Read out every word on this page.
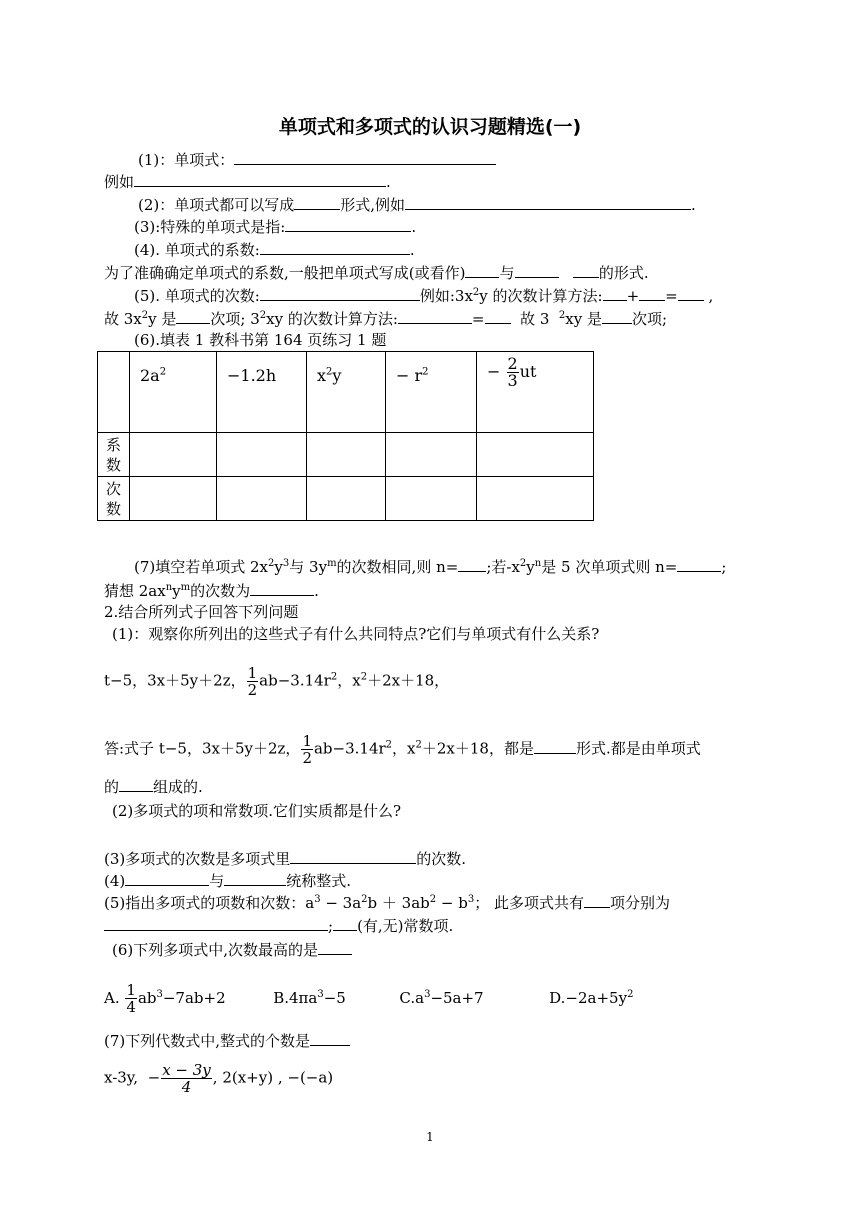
单项式和多项式的认识习题精选(一)
(1)：单项式：
例如	.
(2)：单项式都可以写成	形式,例如	.
(3):特殊的单项式是指:	.
(4). 单项式的系数:	.
为了准确确定单项式的系数,一般把单项式写成(或看作) 与	的形式.
(5). 单项式的次数:	例如$:3x^2y$ 的次数计算方法: + = ,
故 $3x^2y$ 是 次项; $3^2xy$ 的次数计算方法:	= 故 3 $^2$xy 是 次项;
(6).填表 1 教科书第 164 页练习 1 题
	$2a^2$	−1.2h	$x^2y$	− $r^2$	− $\frac{2}{3}$ ut
系数					
次数					
(7)填空若单项式 $2x^2y^3$与 $3y^m$的次数相同,则 n= ;若$-x^2y^n$是 5 次单项式则 n=	;
猜想 $2ax^ny^m$的次数为	.
2.结合所列式子回答下列问题
(1)：观察你所列出的这些式子有什么共同特点?它们与单项式有什么关系?
t−5，3x＋5y＋2z， $\frac{1}{2} ab-3.14r^2$，$x^2+2x+18$，
答:式子 t−5，3x＋5y＋2z， $\frac{1}{2} ab-3.14r^2$，$x^2+2x+18$，都是	形式.都是由单项式
的 组成的.
(2)多项式的项和常数项.它们实质都是什么?
(3)多项式的次数是多项式里	的次数.
(4)	与	统称整式.
(5)指出多项式的项数和次数：$a^3 - 3a^2b + 3ab^2 - b^3$； 此多项式共有 项分别为
; (有,无)常数项.
(6)下列多项式中,次数最高的是
A. $\frac{1}{4} ab^3-7ab+2$	$B.4\pi a^3-5$	$C.a^3-5a+7$	$D.-2a+5y^2$
(7)下列代数式中,整式的个数是
x-3y, − $\frac{x - 3y}{4}$ , 2(x+y) , −(−a)
1
